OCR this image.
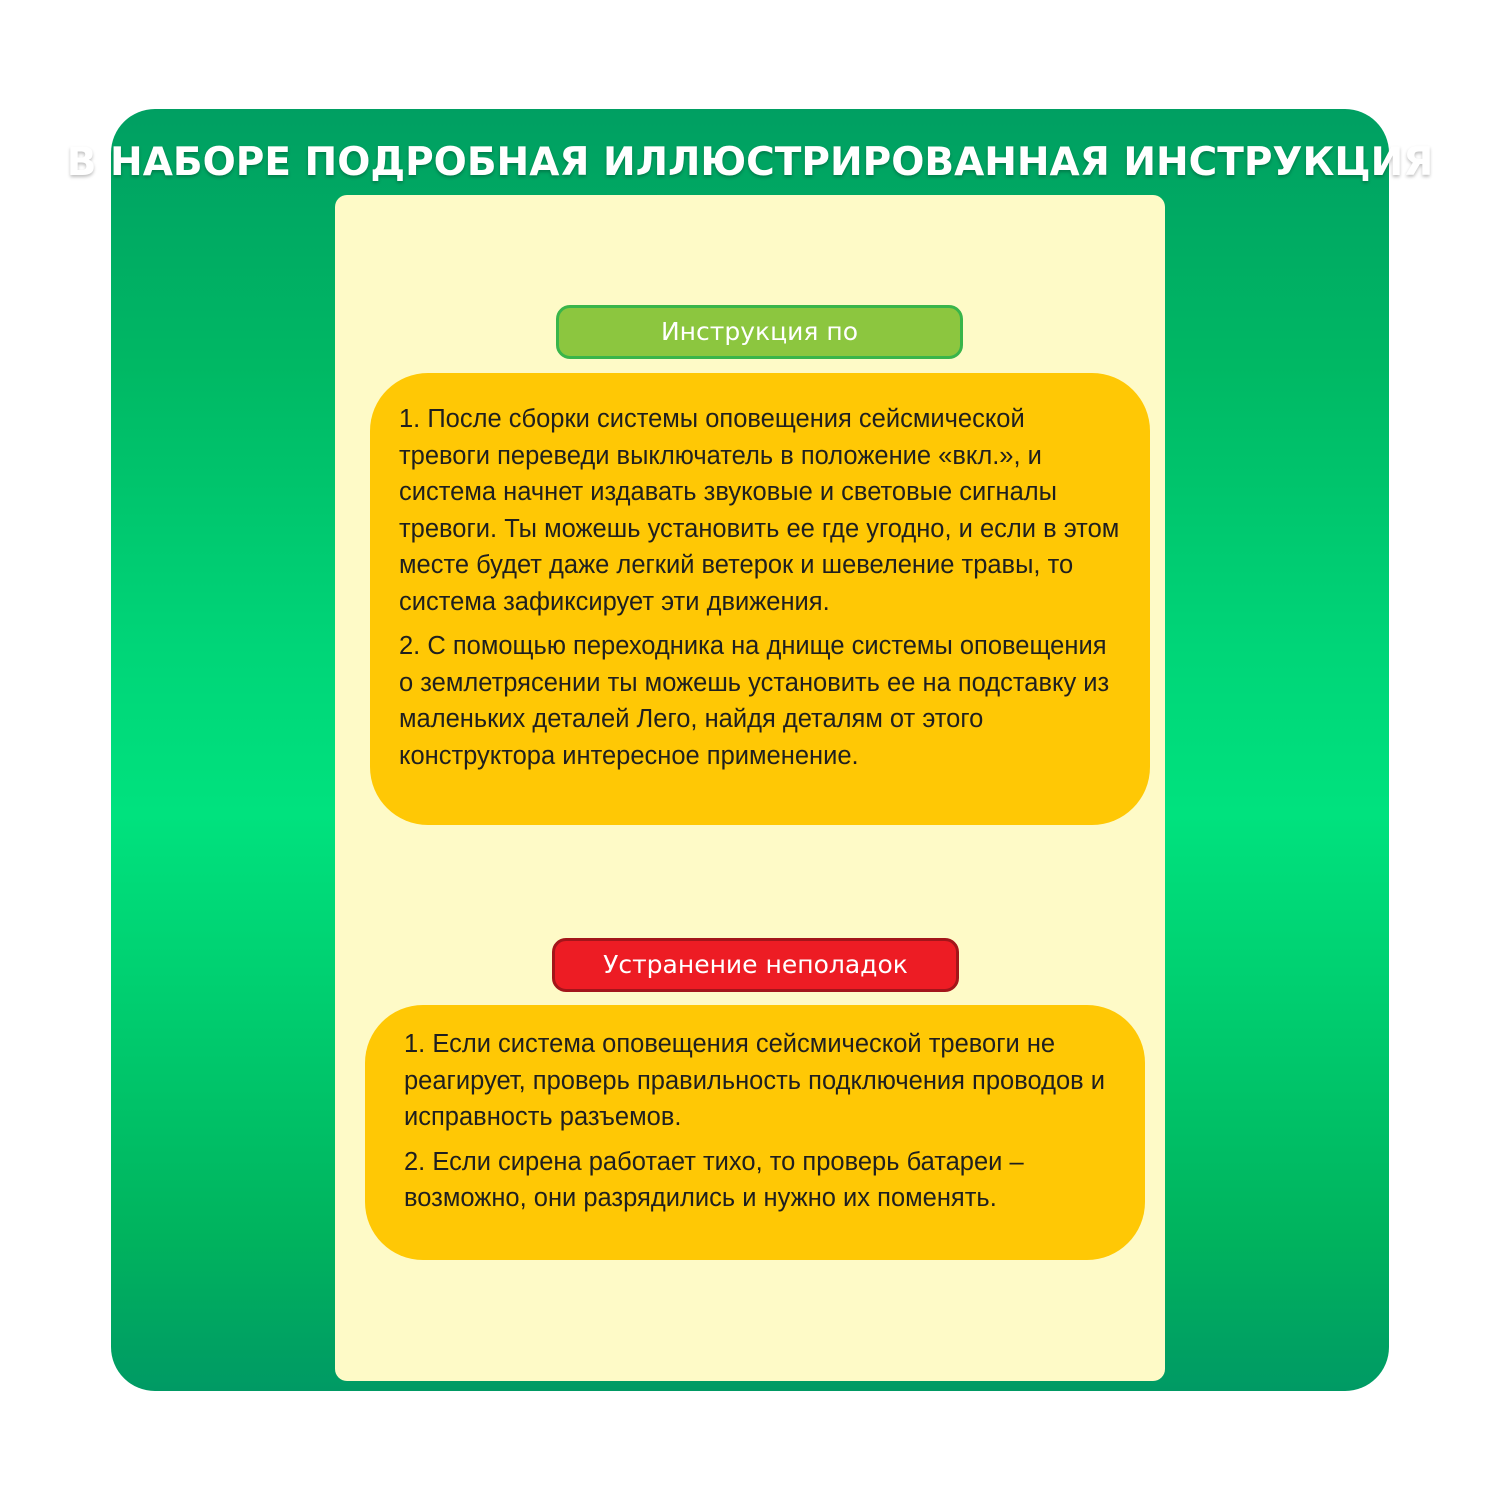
В НАБОРЕ ПОДРОБНАЯ ИЛЛЮСТРИРОВАННАЯ ИНСТРУКЦИЯ
Инструкция по

1. После сборки системы оповещения сейсмической тревоги переведи выключатель в положение «вкл.», и система начнет издавать звуковые и световые сигналы тревоги. Ты можешь установить ее где угодно, и если в этом месте будет даже легкий ветерок и шевеление травы, то система зафиксирует эти движения.

2. С помощью переходника на днище системы оповещения о землетрясении ты можешь установить ее на подставку из маленьких деталей Лего, найдя деталям от этого конструктора интересное применение.

Устранение неполадок

1. Если система оповещения сейсмической тревоги не реагирует, проверь правильность подключения проводов и исправность разъемов.

2. Если сирена работает тихо, то проверь батареи – возможно, они разрядились и нужно их поменять.
